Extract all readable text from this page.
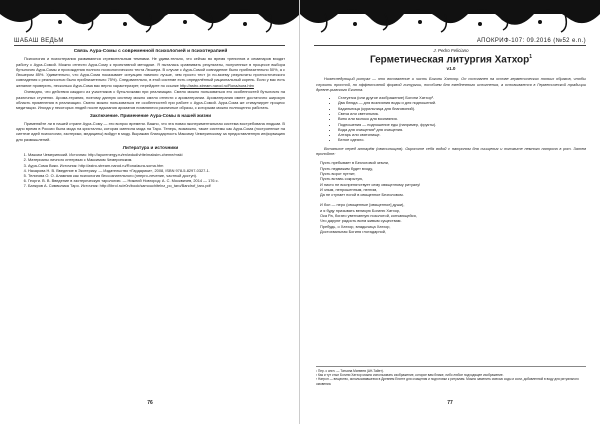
ШАБАШ ВЕДЬМ
Связь Аура-Сомы с современной психологией и психотерапией

Психология и психотерапия развиваются стремительным темпами. Не удиви-тельно, что сейчас во время тренингов и семинаров входят работу с Аура-Сомой. Можно отнести Аура-Сому к проективной методике. Я пыталась сравнивать результаты, полученные в процессе выбора бутылочек Аура-Сомы и прохождения полного психологического теста Люшера. В случае с Аура-Сомой совпадение было приблизительно 50%, а с Люшером 85%. Удивительно, что Аура-Сома показывает ситуацию намного лучше, чем просто тест (и по-моему результаты прогностического совпадения с реальностью было приблизительно 75%). Следовательно, в этой системе есть определённый рациональный корень. Если у вас есть желание проверить, несколько Аура-Сома вас верно характеризует, перейдите по ссылке http://astro-stream.narod.ru/Rona/aura.htm

Очевидно, что действия каждого из участников с бутылочками при реализации. Смело можно пользоваться его особенностей бутылочек на различных ступенях. Арома-терапия, поэтому данную систему можно смело отнести к ароматерапии. Ароматерапия имеет достаточно широкую область применения в реализации. Смело можно пользоваться ее особенностей при работе с Аура-Сомой. Аура-Сома же стимулирует процесс медитации. Иногда у некоторых людей после вдыхания ароматов появляются различные образы, с которыми можно полноценно работать.

Заключение. Применение Аура-Сомы в нашей жизни

Применяйте ли в нашей стране Аура-Сому — это вопрос времени. Важно, что эта новая экспериментальная система востребована людьми. В одно время в России была мода на кристаллы, которая сменила мода на Таро. Теперь, возможно, такие системы как Аура-Сома (построенные на синтезе идей психологии, эзотерики, медицины) войдут в моду. Выражаю благодарность Максиму Чемеринскому за предоставленную информацию для размышлений.

Литература и источники
1. Максим Чемеринский. Источник: http://ayurenergy.ru/en/wdudh/rite/maksim-cheme/mski
2. Материалы личного интервью с Максимом Чемеринским.
3. Аура-Сома Вики. Источник: http://astro-stream.narod.ru/Rona/aura-soma.htm
4. Назарова Н. В. Введение в Экотерику. — Издательство «Гардарики», 2008, ISBN 978-5-8297-0327-1.
5. Телигова О. О. Аламния как психология бессознательного (энерго-лечение, частный доступ).
6. Георги. В. В. Введение в эзотерическую тарологию. — Нижний Новгород: А. С. Москвичев, 2014 — 176 с.
7. Банкров А. Символика Таро. Источник: http://librol.ru/e0n/book/samouchitelnz_po_taro/Bandrof_taro.pdf
76
АПОКРИФ-107: 09.2016 (№52 e.n.)
J. Pedro Feliciano
Герметическая литургия Хатхор$^1$
v1.0

Нижеследующий ритуал — это восхваление и чисть Богини Хатхор. Он составлен на основе герметических тонких образов, чтобы служить простой, но эффективной формой литургии, пособием для ежедневного исполнения, а основывается в Герметической традиции древне-римского Египта.

• Статуэтка (или другое изображение) Богини Хатхор².
• Два блюда — для возлияния воды и для подношений.
• Кадильница (курильница для благовоний).
• Свеча или светильник.
• Вино или молоко для возлияния.
• Подношения — подношение еды (например, фрукты).
• Вода для очищения³ для очищения.
• Алтарь или святилище.
• Белое одеяло.

Встаньте перед алтарём (святилищем). Окропите себя водой с натроном для очищения и положите немного натрона в рот. Затем пропойте:

Пусть пребывает в Безголовой земли,
Пусть недвижим будет входу,
Пусть ворот путнит,
Пусть вставь сокрытую,
И никто не воспрепятствует сему священному ритуалу!
И злым, непрошенным, нелгим,
Да не ступает ногой в священное Безголовом.
И бол — неро (священные [священное] души),
и я буду призывать великую Богиню Хатхор,
Ока Ра, богато увенчанную позолотой, кончающейся,
Что даруют радость всем живым существам.
Пребудь, о Хатхор, владычица Хатхор,
Достохвальная Богиня глотадарной,
¹ Пер. с англ. — Татьяна Матвеев (АН-Тайет).
² Как и тут стыл Богини Хатхор можно использовать изображение, которое вам ближе, либо любое подходящее изображение.
³ Натрон — вещество, использовавшееся в Древнем Египте для очищения и подготовки к ритуалам. Можно заменить смесью соды и соли, добавленной в воду для ритуального омовения.
77
